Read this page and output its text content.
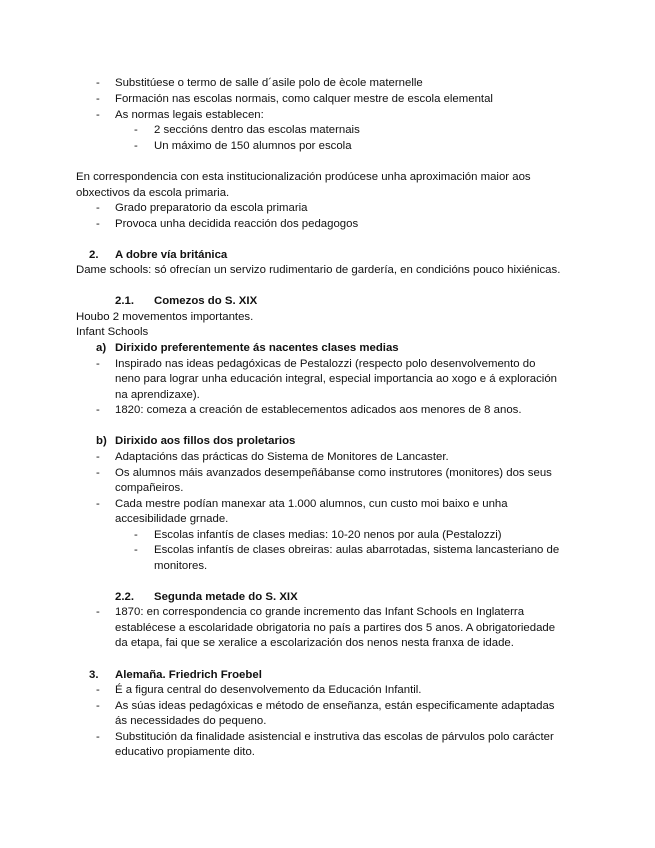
- Substitúese o termo de salle d´asile polo de ècole maternelle
- Formación nas escolas normais, como calquer mestre de escola elemental
- As normas legais establecen:
- 2 seccións dentro das escolas maternais
- Un máximo de 150 alumnos por escola
En correspondencia con esta institucionalización prodúcese unha aproximación maior aos
obxectivos da escola primaria.
- Grado preparatorio da escola primaria
- Provoca unha decidida reacción dos pedagogos
2. A dobre vía británica
Dame schools: só ofrecían un servizo rudimentario de gardería, en condicións pouco hixiénicas.
2.1. Comezos do S. XIX
Houbo 2 movementos importantes.
Infant Schools
a) Dirixido preferentemente ás nacentes clases medias
- Inspirado nas ideas pedagóxicas de Pestalozzi (respecto polo desenvolvemento do
neno para lograr unha educación integral, especial importancia ao xogo e á exploración
na aprendizaxe).
- 1820: comeza a creación de establecementos adicados aos menores de 8 anos.
b) Dirixido aos fillos dos proletarios
- Adaptacións das prácticas do Sistema de Monitores de Lancaster.
- Os alumnos máis avanzados desempeñábanse como instrutores (monitores) dos seus
compañeiros.
- Cada mestre podían manexar ata 1.000 alumnos, cun custo moi baixo e unha
accesibilidade grnade.
- Escolas infantís de clases medias: 10-20 nenos por aula (Pestalozzi)
- Escolas infantís de clases obreiras: aulas abarrotadas, sistema lancasteriano de
monitores.
2.2. Segunda metade do S. XIX
- 1870: en correspondencia co grande incremento das Infant Schools en Inglaterra
establécese a escolaridade obrigatoria no país a partires dos 5 anos. A obrigatoriedade
da etapa, fai que se xeralice a escolarización dos nenos nesta franxa de idade.
3. Alemaña. Friedrich Froebel
- É a figura central do desenvolvemento da Educación Infantil.
- As súas ideas pedagóxicas e método de enseñanza, están especificamente adaptadas
ás necessidades do pequeno.
- Substitución da finalidade asistencial e instrutiva das escolas de párvulos polo carácter
educativo propiamente dito.
